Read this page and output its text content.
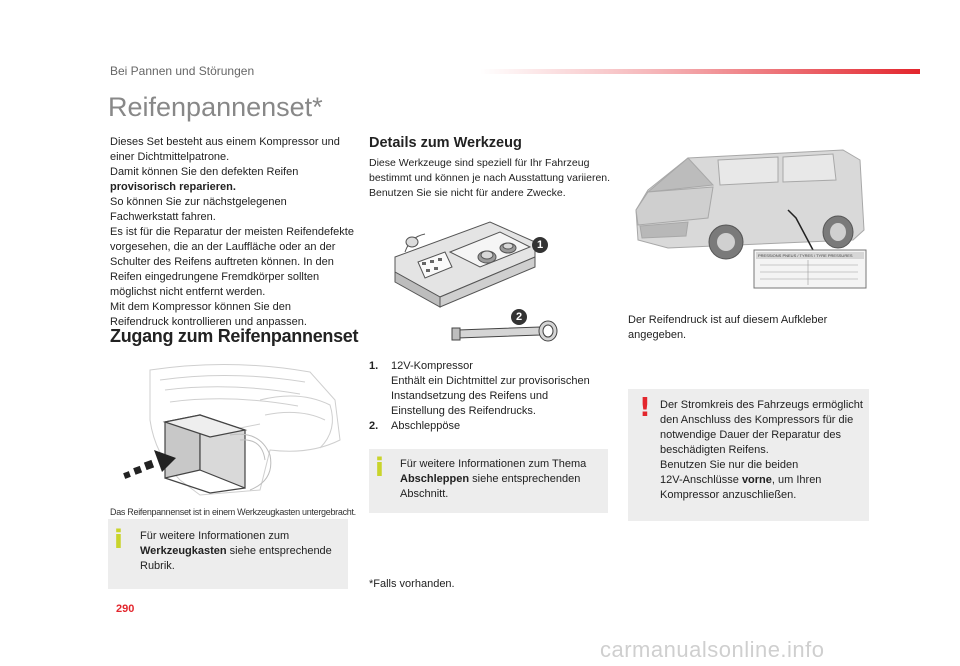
Bei Pannen und Störungen
Reifenpannenset*
Dieses Set besteht aus einem Kompressor und
einer Dichtmittelpatrone.
Damit können Sie den defekten Reifen
provisorisch reparieren.
So können Sie zur nächstgelegenen
Fachwerkstatt fahren.
Es ist für die Reparatur der meisten Reifendefekte
vorgesehen, die an der Lauffläche oder an der
Schulter des Reifens auftreten können. In den
Reifen eingedrungene Fremdkörper sollten
möglichst nicht entfernt werden.
Mit dem Kompressor können Sie den
Reifendruck kontrollieren und anpassen.
Zugang zum Reifenpannenset
Das Reifenpannenset ist in einem Werkzeugkasten untergebracht.
i Für weitere Informationen zum
Werkzeugkasten siehe entsprechende
Rubrik.
Details zum Werkzeug
Diese Werkzeuge sind speziell für Ihr Fahrzeug
bestimmt und können je nach Ausstattung variieren.
Benutzen Sie sie nicht für andere Zwecke.
1
2
1. 12V-Kompressor
Enthält ein Dichtmittel zur provisorischen
Instandsetzung des Reifens und
Einstellung des Reifendrucks.
2. Abschleppöse
i Für weitere Informationen zum Thema
Abschleppen siehe entsprechenden
Abschnitt.
*Falls vorhanden.
PRESSIONS PNEUS / TYRES / TYRE PRESSURES
Der Reifendruck ist auf diesem Aufkleber
angegeben.
! Der Stromkreis des Fahrzeugs ermöglicht
den Anschluss des Kompressors für die
notwendige Dauer der Reparatur des
beschädigten Reifens.
Benutzen Sie nur die beiden
12V-Anschlüsse vorne, um Ihren
Kompressor anzuschließen.
290
carmanualsonline.info
